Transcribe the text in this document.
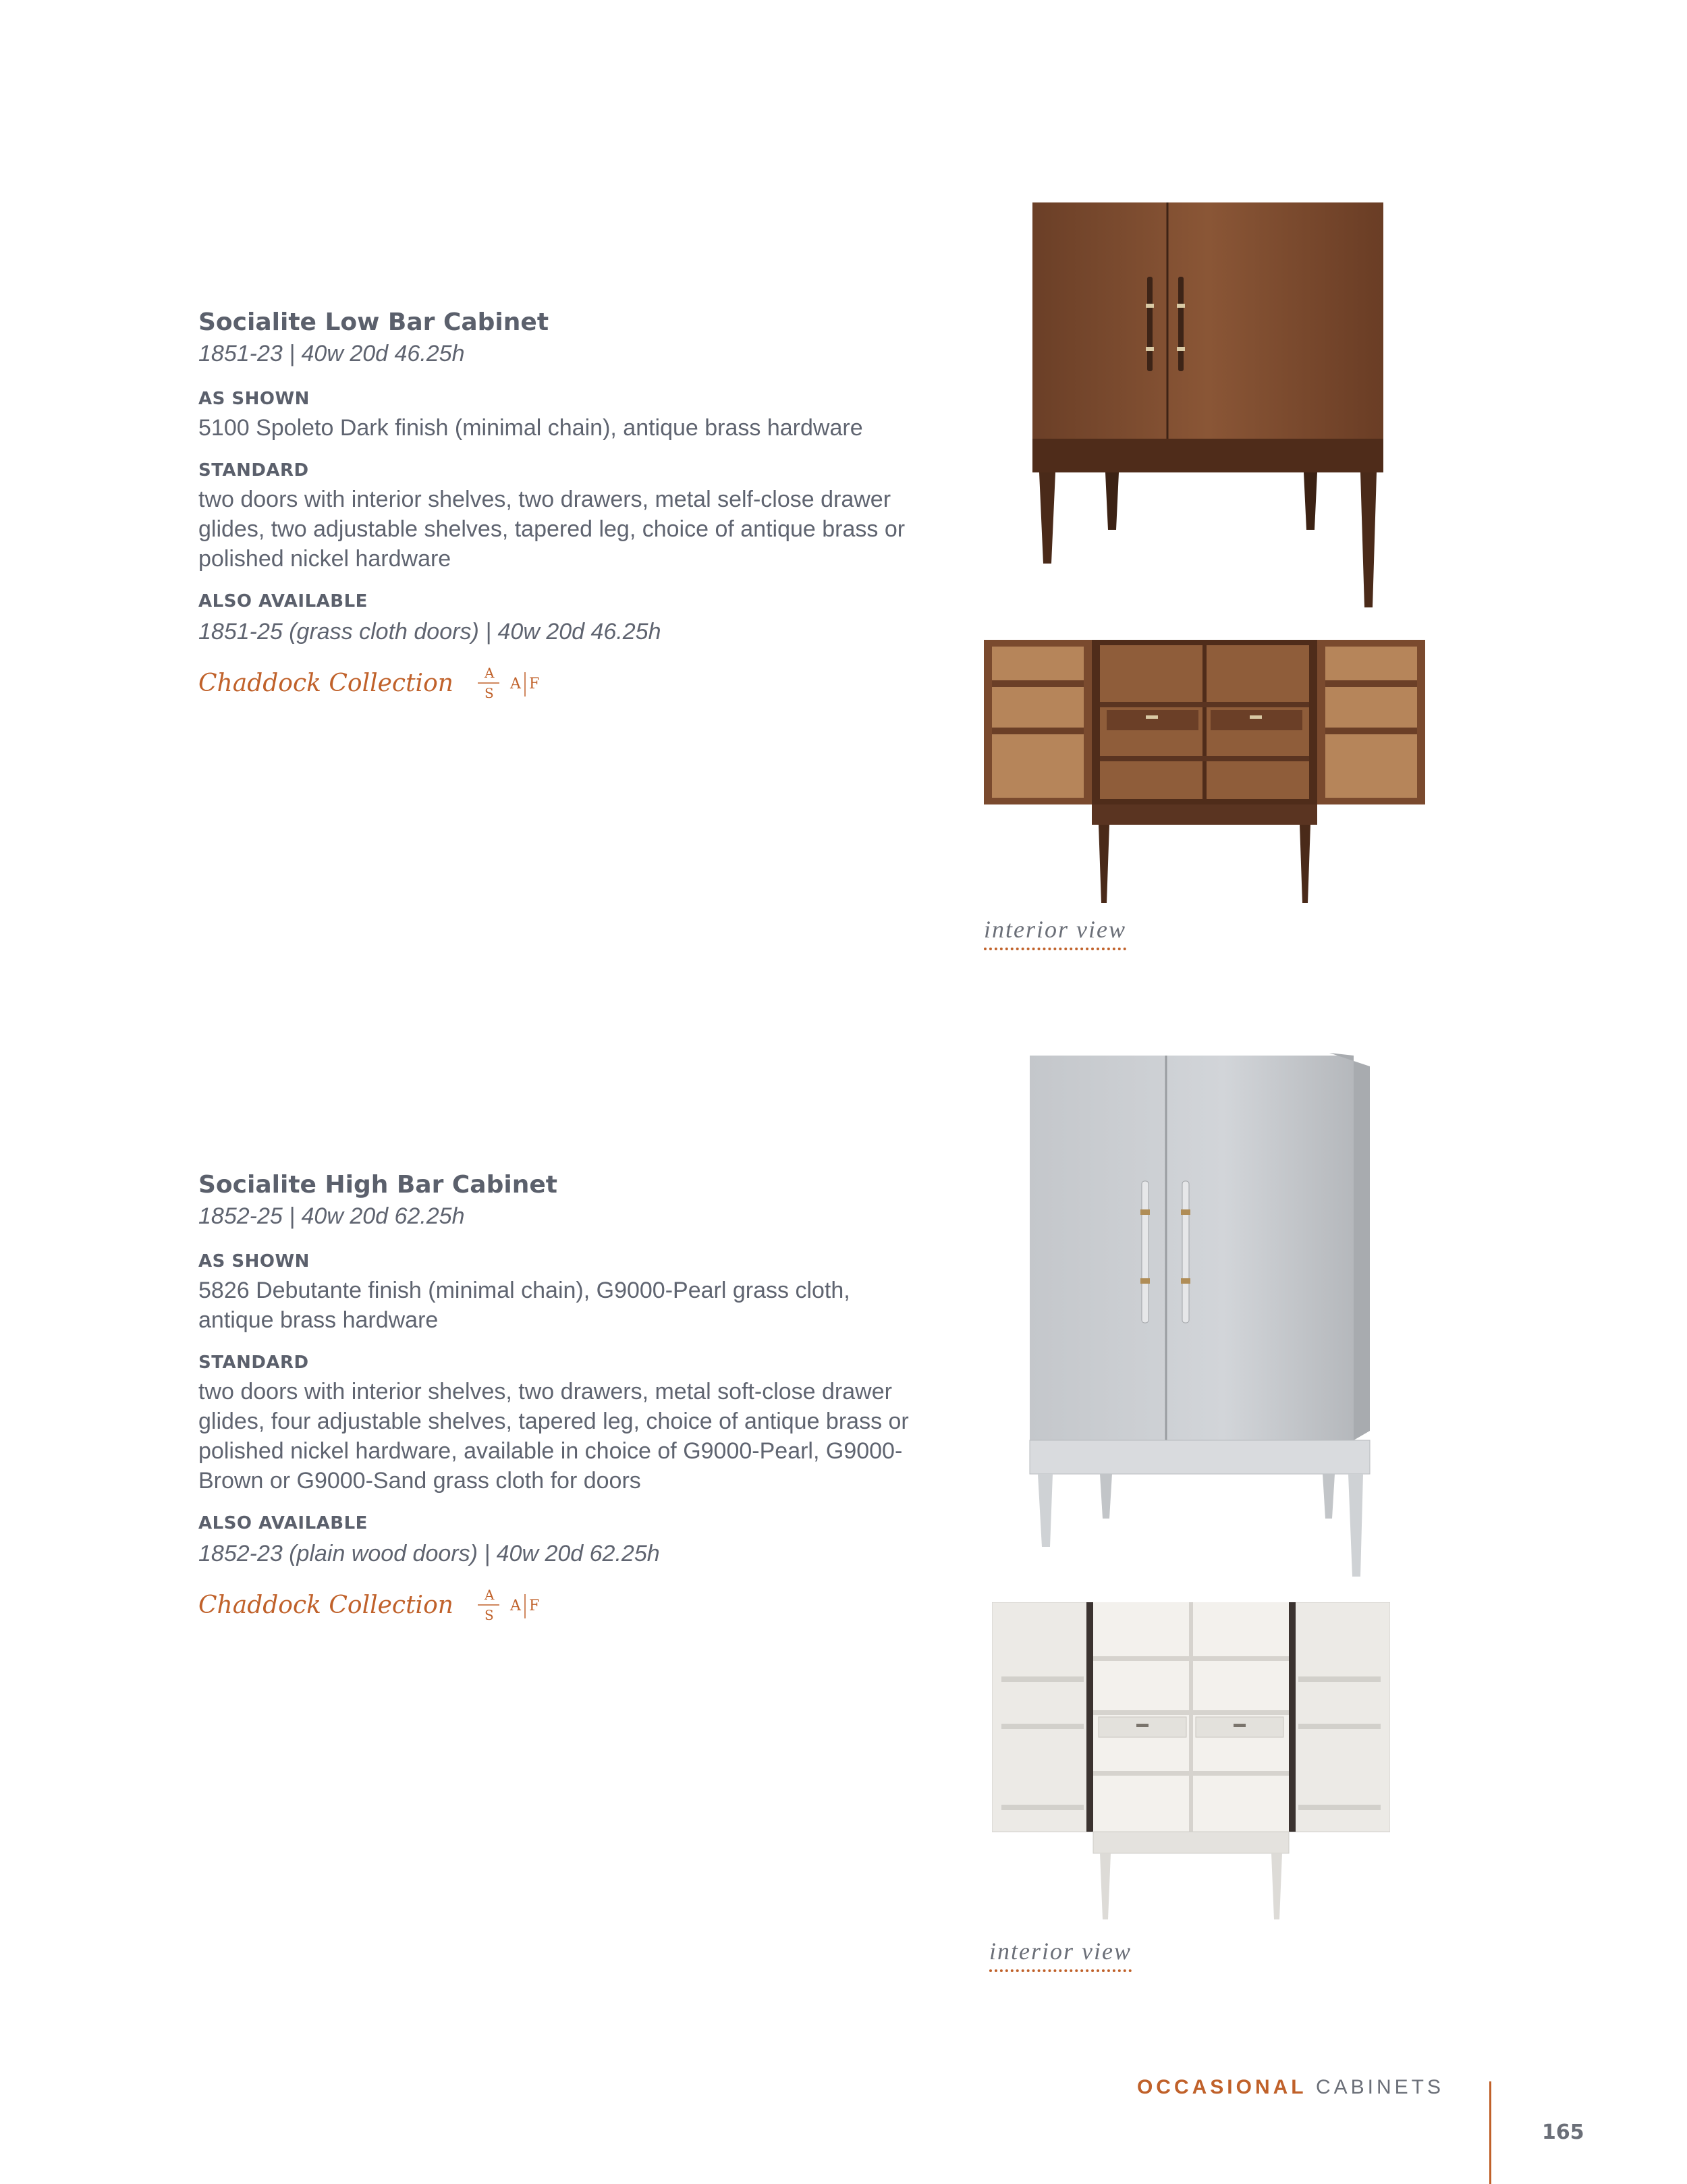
Socialite Low Bar Cabinet

1851-23 | 40w 20d 46.25h

AS SHOWN

5100 Spoleto Dark finish (minimal chain), antique brass hardware

STANDARD

two doors with interior shelves, two drawers, metal self-close drawer glides, two adjustable shelves, tapered leg, choice of antique brass or polished nickel hardware

ALSO AVAILABLE

1851-25 (grass cloth doors) | 40w 20d 46.25h

Chaddock Collection A
S
A F
interior view
Socialite High Bar Cabinet

1852-25 | 40w 20d 62.25h

AS SHOWN

5826 Debutante finish (minimal chain), G9000-Pearl grass cloth, antique brass hardware

STANDARD

two doors with interior shelves, two drawers, metal soft-close drawer glides, four adjustable shelves, tapered leg, choice of antique brass or polished nickel hardware, available in choice of G9000-Pearl, G9000-Brown or G9000-Sand grass cloth for doors

ALSO AVAILABLE

1852-23 (plain wood doors) | 40w 20d 62.25h

Chaddock Collection A
S
A F
interior view
OCCASIONAL CABINETS
165
